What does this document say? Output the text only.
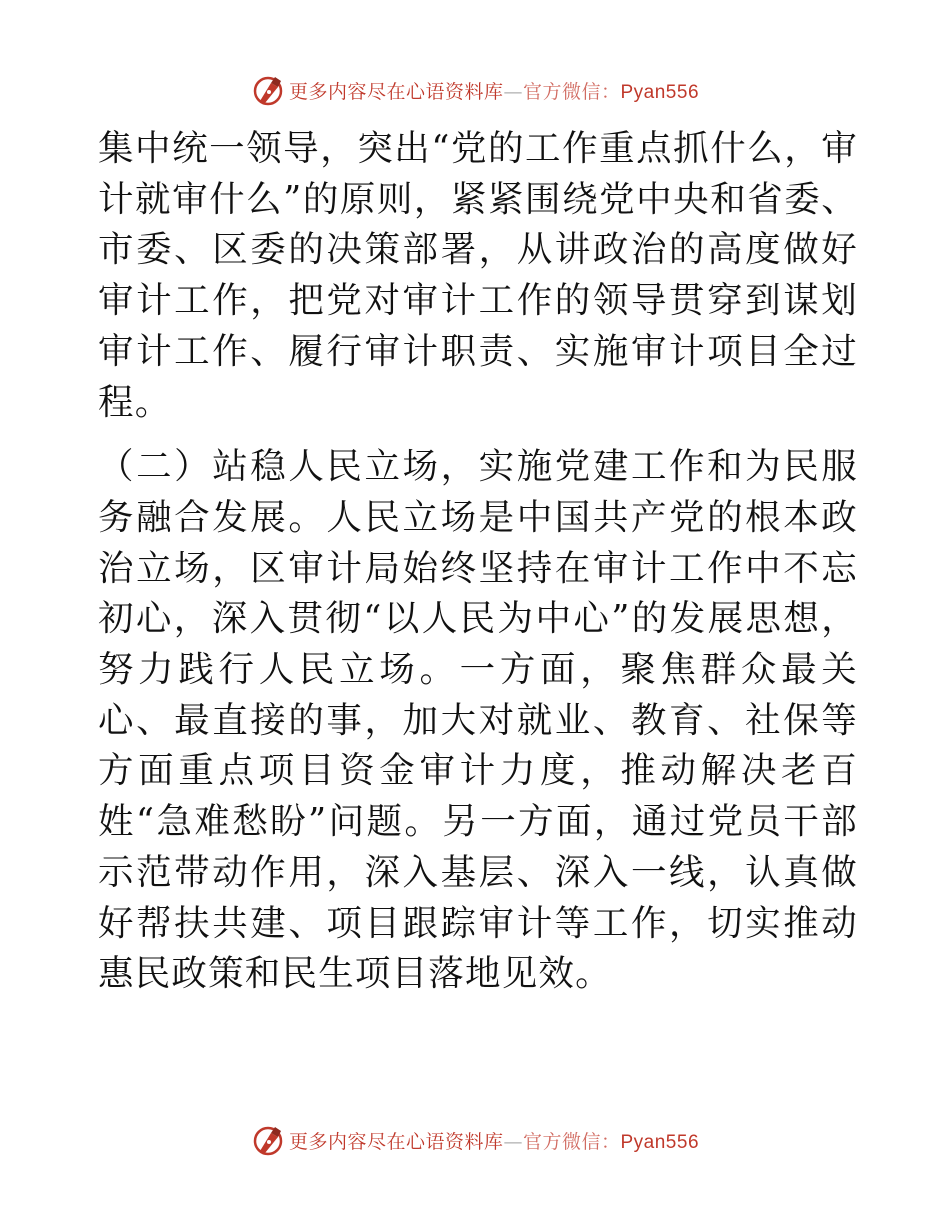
更多内容尽在心语资料库—官方微信：Pyan556

集中统一领导，突出“党的工作重点抓什么，审计就审什么”的原则，紧紧围绕党中央和省委、市委、区委的决策部署，从讲政治的高度做好审计工作，把党对审计工作的领导贯穿到谋划审计工作、履行审计职责、实施审计项目全过程。

（二）站稳人民立场，实施党建工作和为民服务融合发展。人民立场是中国共产党的根本政治立场，区审计局始终坚持在审计工作中不忘初心，深入贯彻“以人民为中心”的发展思想，努力践行人民立场。一方面，聚焦群众最关心、最直接的事，加大对就业、教育、社保等方面重点项目资金审计力度，推动解决老百姓“急难愁盼”问题。另一方面，通过党员干部示范带动作用，深入基层、深入一线，认真做好帮扶共建、项目跟踪审计等工作，切实推动惠民政策和民生项目落地见效。

更多内容尽在心语资料库—官方微信：Pyan556
